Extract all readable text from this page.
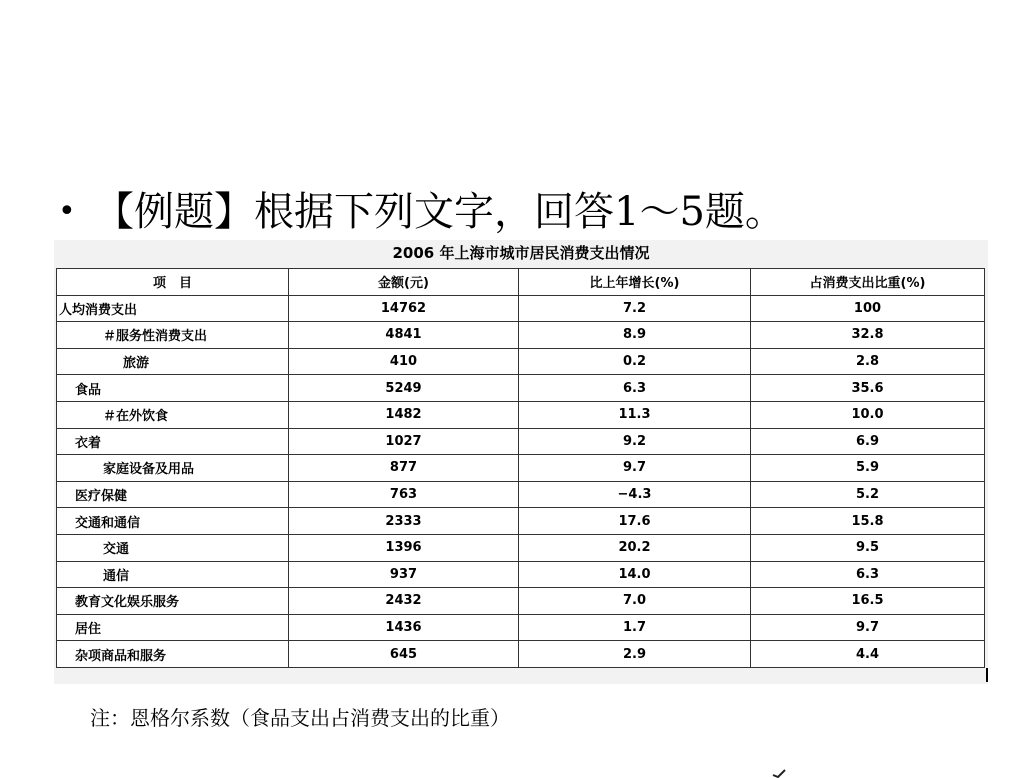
• 【例题】根据下列文字，回答1～5题。
2006 年上海市城市居民消费支出情况
项　目	金额(元)	比上年增长(%)	占消费支出比重(%)
人均消费支出	14762	7.2	100
＃服务性消费支出	4841	8.9	32.8
旅游	410	0.2	2.8
食品	5249	6.3	35.6
＃在外饮食	1482	11.3	10.0
衣着	1027	9.2	6.9
家庭设备及用品	877	9.7	5.9
医疗保健	763	−4.3	5.2
交通和通信	2333	17.6	15.8
交通	1396	20.2	9.5
通信	937	14.0	6.3
教育文化娱乐服务	2432	7.0	16.5
居住	1436	1.7	9.7
杂项商品和服务	645	2.9	4.4
注：恩格尔系数（食品支出占消费支出的比重）
